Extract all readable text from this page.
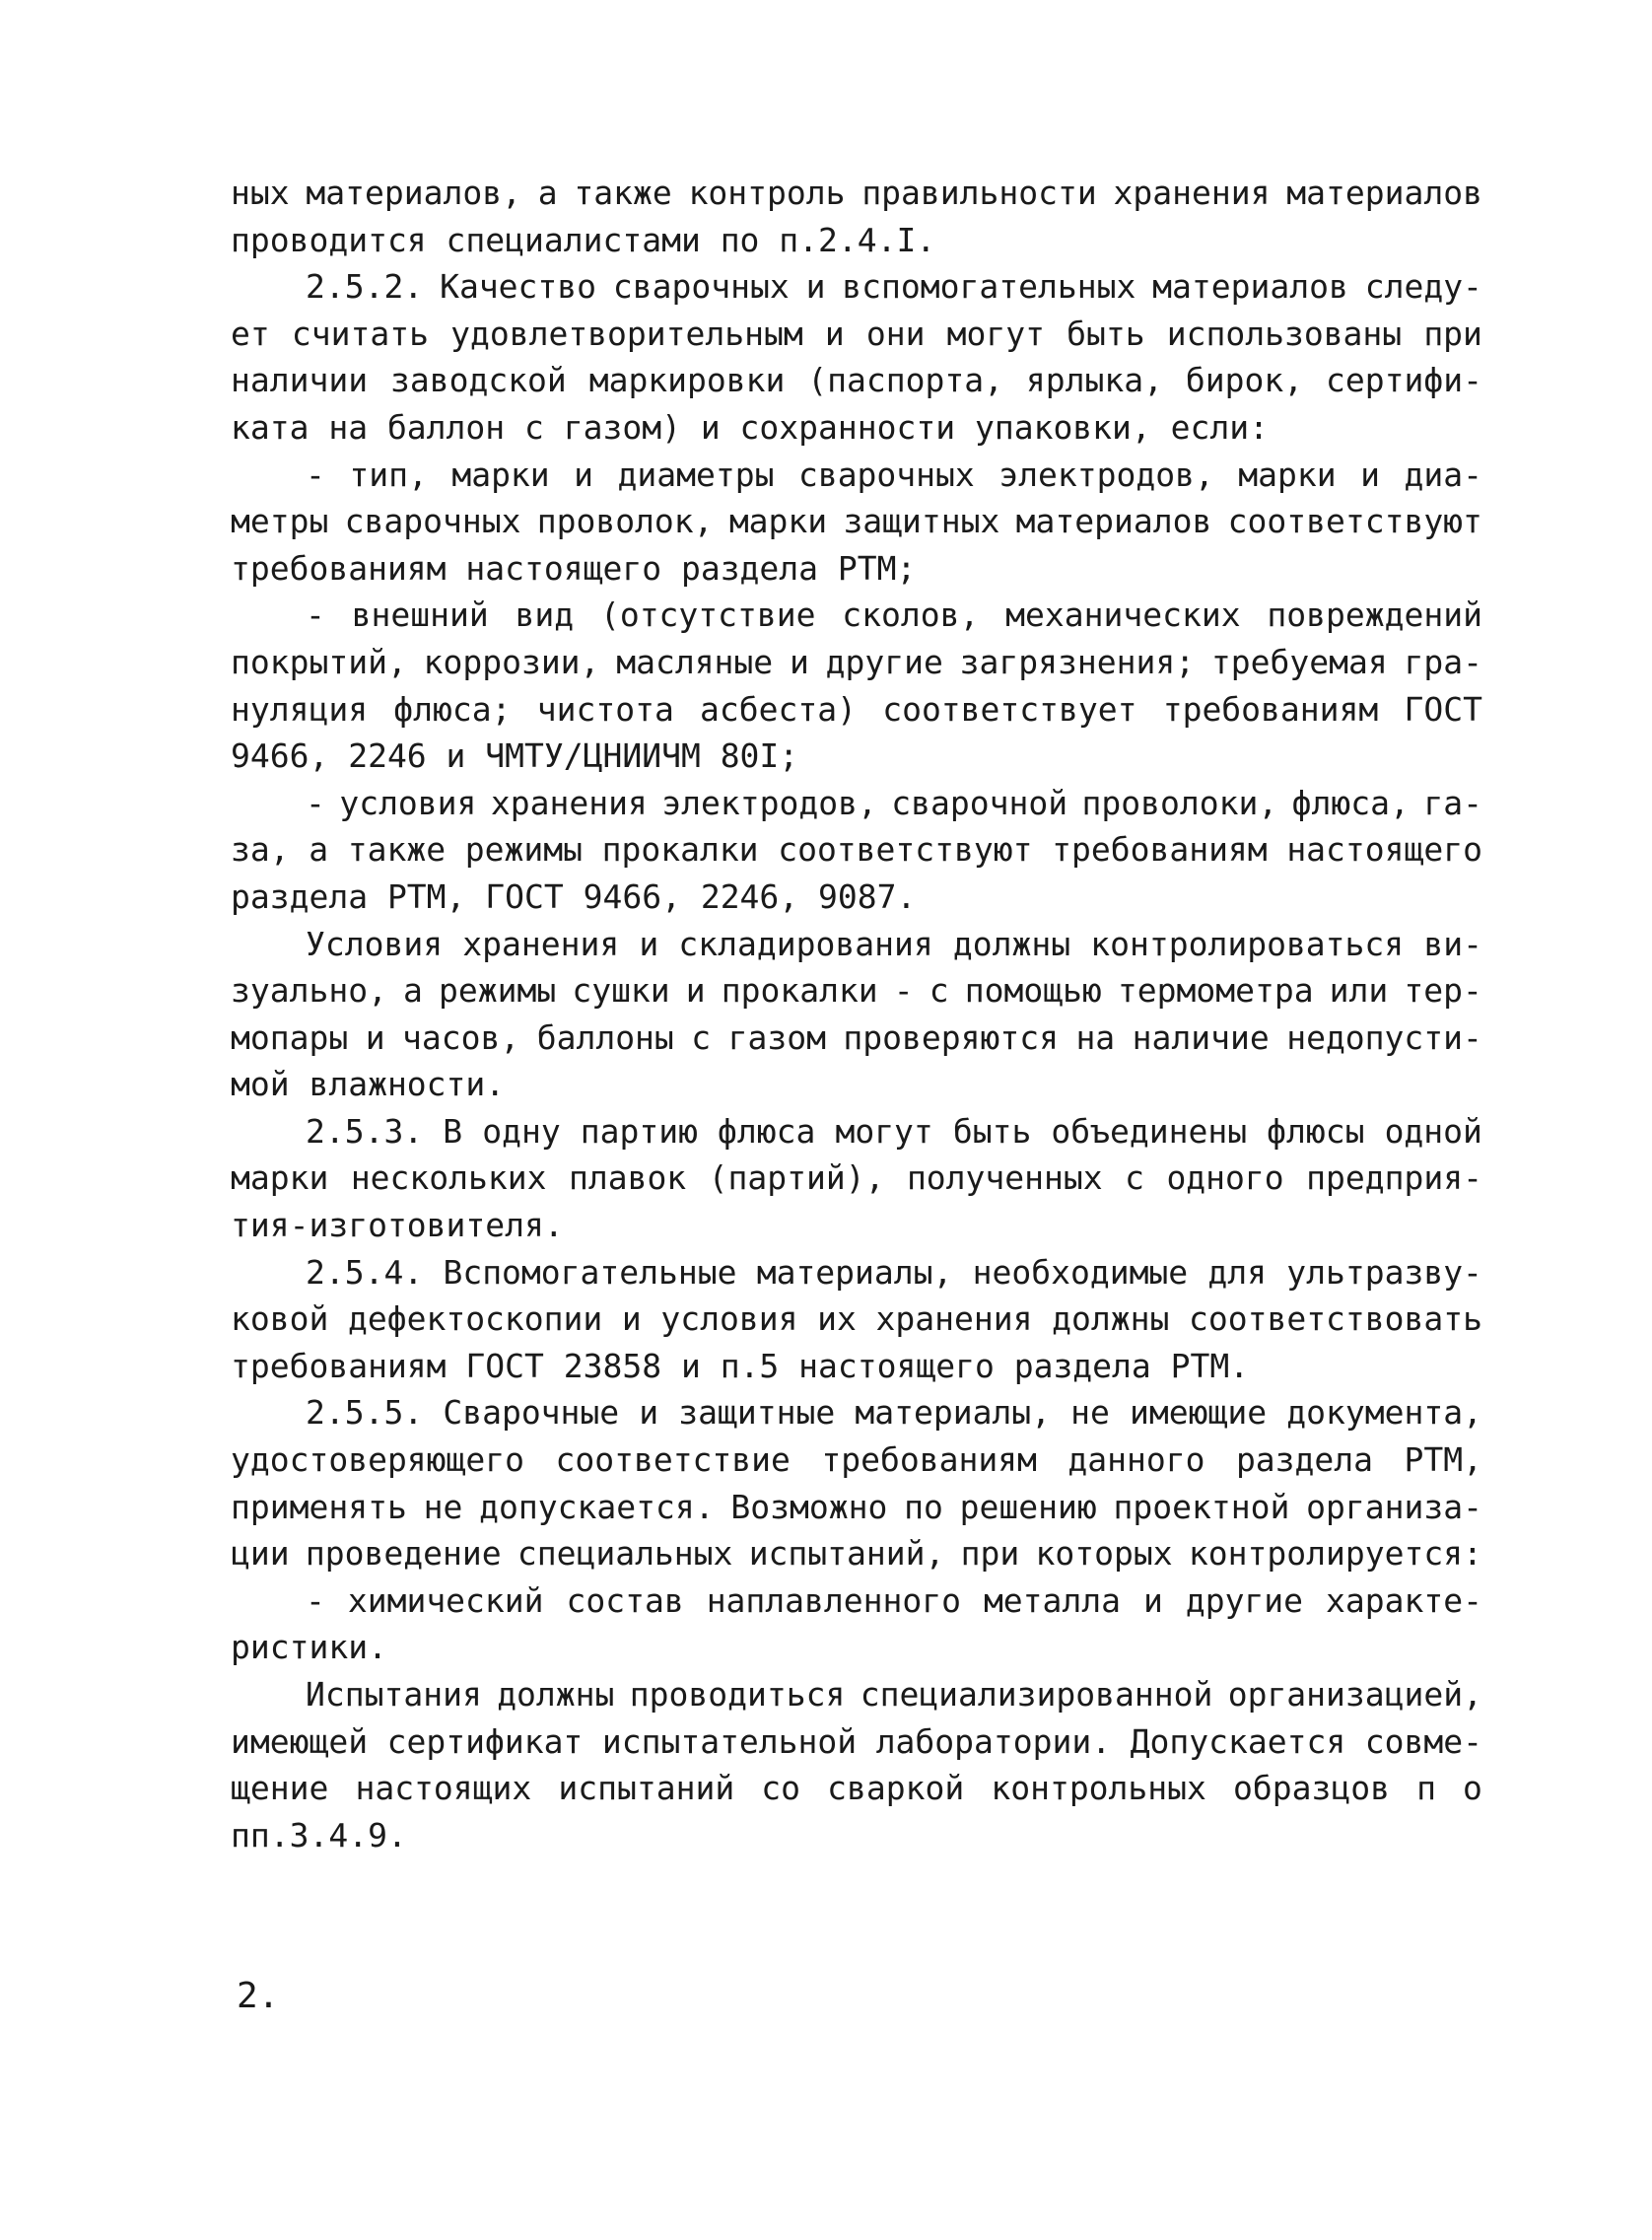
ных материалов, а также контроль правильности хранения материалов
проводится специалистами по п.2.4.I.
2.5.2. Качество сварочных и вспомогательных материалов следу-
ет считать удовлетворительным и они могут быть использованы при
наличии заводской маркировки (паспорта, ярлыка, бирок, сертифи-
ката на баллон с газом) и сохранности упаковки, если:
- тип, марки и диаметры сварочных электродов, марки и диа-
метры сварочных проволок, марки защитных материалов соответствуют
требованиям настоящего раздела РТМ;
- внешний вид (отсутствие сколов, механических повреждений
покрытий, коррозии, масляные и другие загрязнения; требуемая гра-
нуляция флюса; чистота асбеста) соответствует требованиям ГОСТ
9466, 2246 и ЧМТУ/ЦНИИЧМ 80I;
- условия хранения электродов, сварочной проволоки, флюса, га-
за, а также режимы прокалки соответствуют требованиям настоящего
раздела РТМ, ГОСТ 9466, 2246, 9087.
Условия хранения и складирования должны контролироваться ви-
зуально, а режимы сушки и прокалки - с помощью термометра или тер-
мопары и часов, баллоны с газом проверяются на наличие недопусти-
мой влажности.
2.5.3. В одну партию флюса могут быть объединены флюсы одной
марки нескольких плавок (партий), полученных с одного предприя-
тия-изготовителя.
2.5.4. Вспомогательные материалы, необходимые для ультразву-
ковой дефектоскопии и условия их хранения должны соответствовать
требованиям ГОСТ 23858 и п.5 настоящего раздела РТМ.
2.5.5. Сварочные и защитные материалы, не имеющие документа,
удостоверяющего соответствие требованиям данного раздела РТМ,
применять не допускается. Возможно по решению проектной организа-
ции проведение специальных испытаний, при которых контролируется:
- химический состав наплавленного металла и другие характе-
ристики.
Испытания должны проводиться специализированной организацией,
имеющей сертификат испытательной лаборатории. Допускается совме-
щение настоящих испытаний со сваркой контрольных образцов п о
пп.3.4.9.
2.
